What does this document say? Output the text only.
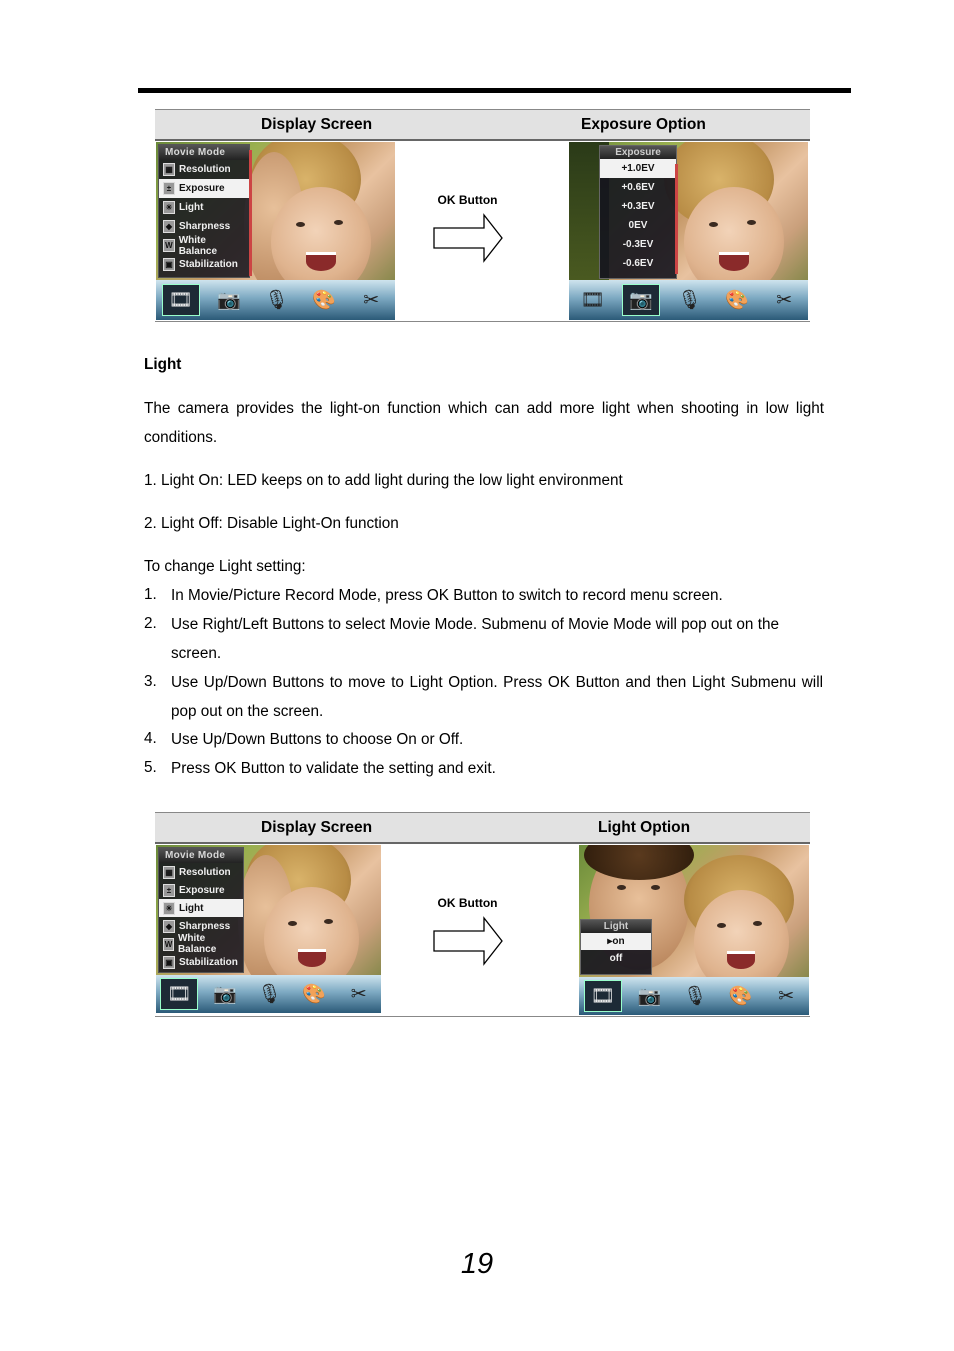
Display Screen	Exposure Option
Movie Mode
▦ Resolution
± Exposure
☀ Light
◆ Sharpness
W White Balance
▣ Stabilization
🎞	📷	🎙	🎨	✂
OK Button
Exposure
+1.0EV
+0.6EV
+0.3EV
0EV
-0.3EV
-0.6EV
🎞	📷	🎙	🎨	✂
Light
The camera provides the light-on function which can add more light when shooting in low light conditions.
1. Light On: LED keeps on to add light during the low light environment
2. Light Off: Disable Light-On function
To change Light setting:
1. In Movie/Picture Record Mode, press OK Button to switch to record menu screen.
2. Use Right/Left Buttons to select Movie Mode. Submenu of Movie Mode will pop out on the screen.
3. Use Up/Down Buttons to move to Light Option. Press OK Button and then Light Submenu will pop out on the screen.
4. Use Up/Down Buttons to choose On or Off.
5. Press OK Button to validate the setting and exit.
Display Screen	Light Option
Movie Mode
▦ Resolution
± Exposure
☀ Light
◆ Sharpness
W White Balance
▣ Stabilization
🎞	📷	🎙	🎨	✂
OK Button
Light
▸on
off
🎞	📷	🎙	🎨	✂
19
